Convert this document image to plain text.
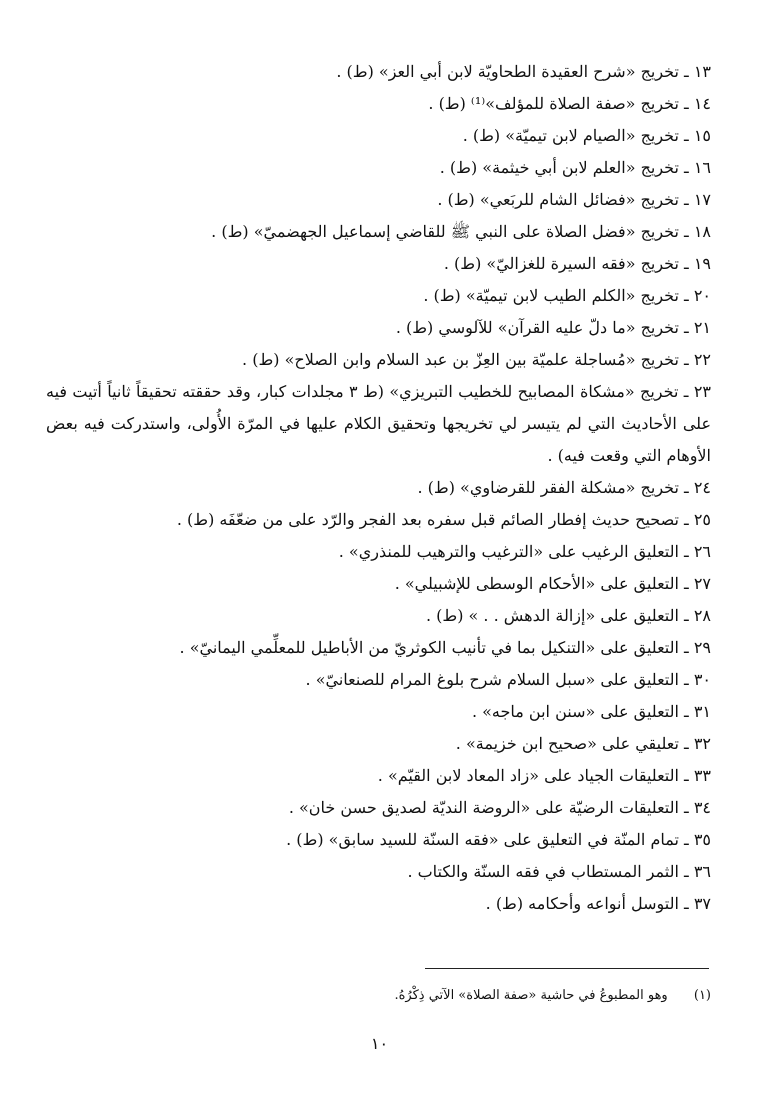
١٣ ـ تخريج «شرح العقيدة الطحاويّة لابن أبي العز» (ط) .
١٤ ـ تخريج «صفة الصلاة للمؤلف»⁽¹⁾ (ط) .
١٥ ـ تخريج «الصيام لابن تيميّة» (ط) .
١٦ ـ تخريج «العلم لابن أبي خيثمة» (ط) .
١٧ ـ تخريج «فضائل الشام للربَعي» (ط) .
١٨ ـ تخريج «فضل الصلاة على النبي ﷺ للقاضي إسماعيل الجهضميّ» (ط) .
١٩ ـ تخريج «فقه السيرة للغزاليّ» (ط) .
٢٠ ـ تخريج «الكلم الطيب لابن تيميّة» (ط) .
٢١ ـ تخريج «ما دلّ عليه القرآن» للآلوسي (ط) .
٢٢ ـ تخريج «مُساجلة علميّة بين العِزّ بن عبد السلام وابن الصلاح» (ط) .
٢٣ ـ تخريج «مشكاة المصابيح للخطيب التبريزي» (ط ٣ مجلدات كبار، وقد حققته تحقيقاً ثانياً أتيت فيه على الأحاديث التي لم يتيسر لي تخريجها وتحقيق الكلام عليها في المرّة الأُولى، واستدركت فيه بعض الأوهام التي وقعت فيه) .
٢٤ ـ تخريج «مشكلة الفقر للقرضاوي» (ط) .
٢٥ ـ تصحيح حديث إفطار الصائم قبل سفره بعد الفجر والرّد على من ضعّفَه (ط) .
٢٦ ـ التعليق الرغيب على «الترغيب والترهيب للمنذري» .
٢٧ ـ التعليق على «الأحكام الوسطى للإشبيلي» .
٢٨ ـ التعليق على «إزالة الدهش . . » (ط) .
٢٩ ـ التعليق على «التنكيل بما في تأنيب الكوثريّ من الأباطيل للمعلِّمي اليمانيّ» .
٣٠ ـ التعليق على «سبل السلام شرح بلوغ المرام للصنعانيّ» .
٣١ ـ التعليق على «سنن ابن ماجه» .
٣٢ ـ تعليقي على «صحيح ابن خزيمة» .
٣٣ ـ التعليقات الجياد على «زاد المعاد لابن القيّم» .
٣٤ ـ التعليقات الرضيّة على «الروضة النديّة لصديق حسن خان» .
٣٥ ـ تمام المنّة في التعليق على «فقه السنّة للسيد سابق» (ط) .
٣٦ ـ الثمر المستطاب في فقه السنّة والكتاب .
٣٧ ـ التوسل أنواعه وأحكامه (ط) .
(١) وهو المطبوعُ في حاشية «صفة الصلاة» الآتي ذِكْرُهُ.
١٠
